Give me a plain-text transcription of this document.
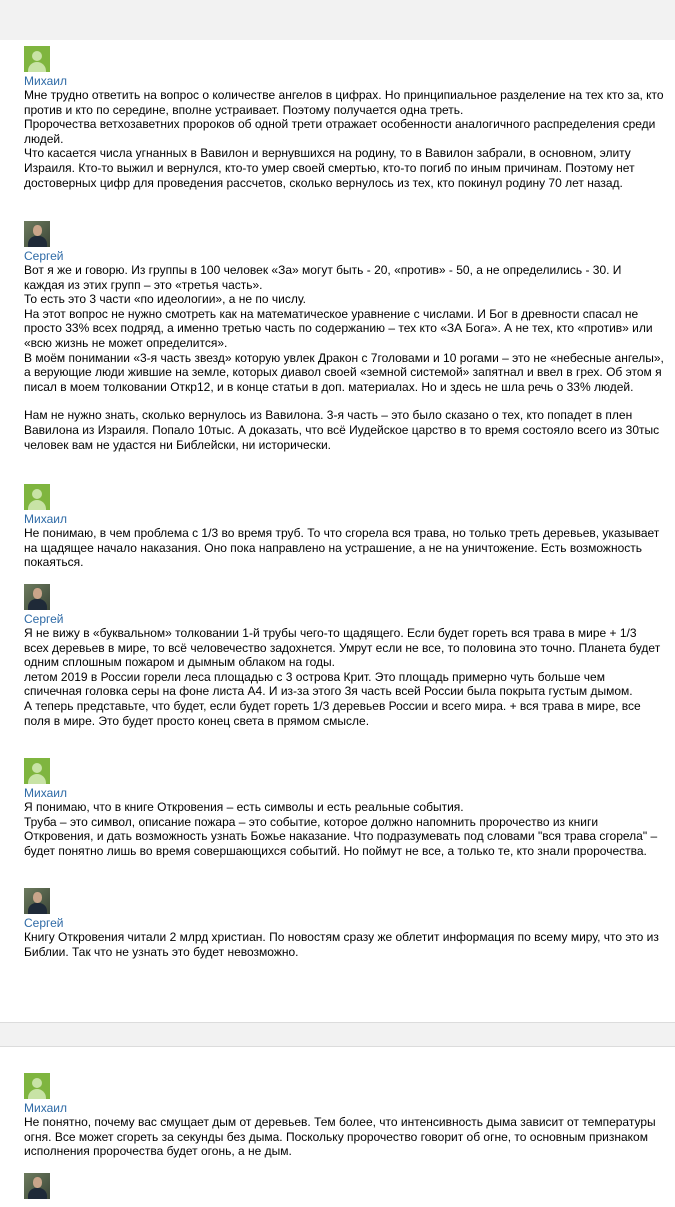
Михаил

Мне трудно ответить на вопрос о количестве ангелов в цифрах. Но принципиальное разделение на тех кто за, кто против и кто по середине, вполне устраивает. Поэтому получается одна треть.

Пророчества ветхозаветних пророков об одной трети отражает особенности аналогичного распределения среди людей.

Что касается числа угнанных в Вавилон и вернувшихся на родину, то в Вавилон забрали, в основном, элиту Израиля. Кто-то выжил и вернулся, кто-то умер своей смертью, кто-то погиб по иным причинам. Поэтому нет достоверных цифр для проведения рассчетов, сколько вернулось из тех, кто покинул родину 70 лет назад.

Сергей

Вот я же и говорю. Из группы в 100 человек «За» могут быть - 20, «против» - 50, а не определились - 30. И каждая из этих групп – это «третья часть».

То есть это 3 части «по идеологии», а не по числу.

На этот вопрос не нужно смотреть как на математическое уравнение с числами. И Бог в древности спасал не просто 33% всех подряд, а именно третью часть по содержанию – тех кто «ЗА Бога». А не тех, кто «против» или «всю жизнь не может определится».

В моём понимании «3-я часть звезд» которую увлек Дракон с 7головами и 10 рогами – это не «небесные ангелы», а верующие люди жившие на земле, которых диавол своей «земной системой» запятнал и ввел в грех. Об этом я писал в моем толковании Откр12, и в конце статьи в доп. материалах. Но и здесь не шла речь о 33% людей.

Нам не нужно знать, сколько вернулось из Вавилона. 3-я часть – это было сказано о тех, кто попадет в плен Вавилона из Израиля. Попало 10тыс. А доказать, что всё Иудейское царство в то время состояло всего из 30тыс человек вам не удастся ни Библейски, ни исторически.

Михаил

Не понимаю, в чем проблема с 1/3 во время труб. То что сгорела вся трава, но только треть деревьев, указывает на щадящее начало наказания. Оно пока направлено на устрашение, а не на уничтожение. Есть возможность покаяться.

Сергей

Я не вижу в «буквальном» толковании 1-й трубы чего-то щадящего. Если будет гореть вся трава в мире + 1/3 всех деревьев в мире, то всё человечество задохнется. Умрут если не все, то половина это точно. Планета будет одним сплошным пожаром и дымным облаком на годы.

летом 2019 в России горели леса площадью с 3 острова Крит. Это площадь примерно чуть больше чем спичечная головка серы на фоне листа А4. И из-за этого 3я часть всей России была покрыта густым дымом.

А теперь представьте, что будет, если будет гореть 1/3 деревьев России и всего мира. + вся трава в мире, все поля в мире. Это будет просто конец света в прямом смысле.

Михаил

Я понимаю, что в книге Откровения – есть символы и есть реальные события.

Труба – это символ, описание пожара – это событие, которое должно напомнить пророчество из книги Откровения, и дать возможность узнать Божье наказание. Что подразумевать под словами "вся трава сгорела" – будет понятно лишь во время совершающихся событий. Но поймут не все, а только те, кто знали пророчества.

Сергей

Книгу Откровения читали 2 млрд христиан. По новостям сразу же облетит информация по всему миру, что это из Библии. Так что не узнать это будет невозможно.

Михаил

Не понятно, почему вас смущает дым от деревьев. Тем более, что интенсивность дыма зависит от температуры огня. Все может сгореть за секунды без дыма. Поскольку пророчество говорит об огне, то основным признаком исполнения пророчества будет огонь, а не дым.
